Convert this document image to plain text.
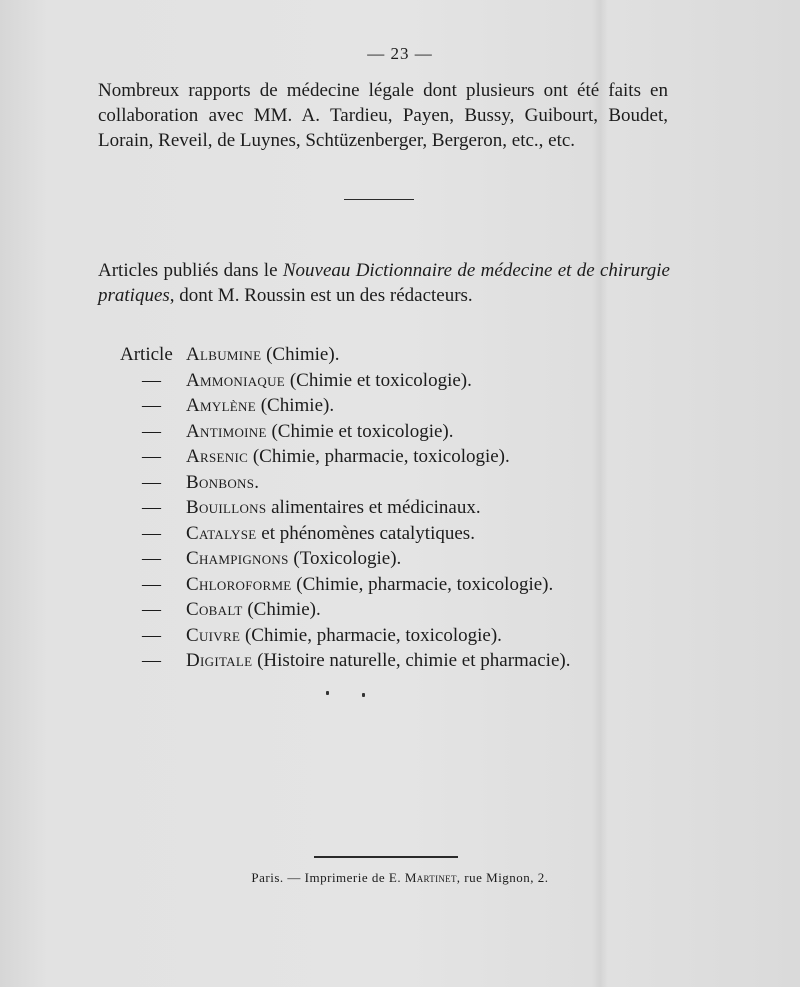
— 23 —
Nombreux rapports de médecine légale dont plusieurs ont été faits en collaboration avec MM. A. Tardieu, Payen, Bussy, Guibourt, Boudet, Lorain, Reveil, de Luynes, Schtüzenberger, Bergeron, etc., etc.
Articles publiés dans le Nouveau Dictionnaire de médecine et de chirurgie pratiques, dont M. Roussin est un des rédacteurs.
Article Albumine (Chimie).
— Ammoniaque (Chimie et toxicologie).
— Amylène (Chimie).
— Antimoine (Chimie et toxicologie).
— Arsenic (Chimie, pharmacie, toxicologie).
— Bonbons.
— Bouillons alimentaires et médicinaux.
— Catalyse et phénomènes catalytiques.
— Champignons (Toxicologie).
— Chloroforme (Chimie, pharmacie, toxicologie).
— Cobalt (Chimie).
— Cuivre (Chimie, pharmacie, toxicologie).
— Digitale (Histoire naturelle, chimie et pharmacie).
Paris. — Imprimerie de E. Martinet, rue Mignon, 2.
